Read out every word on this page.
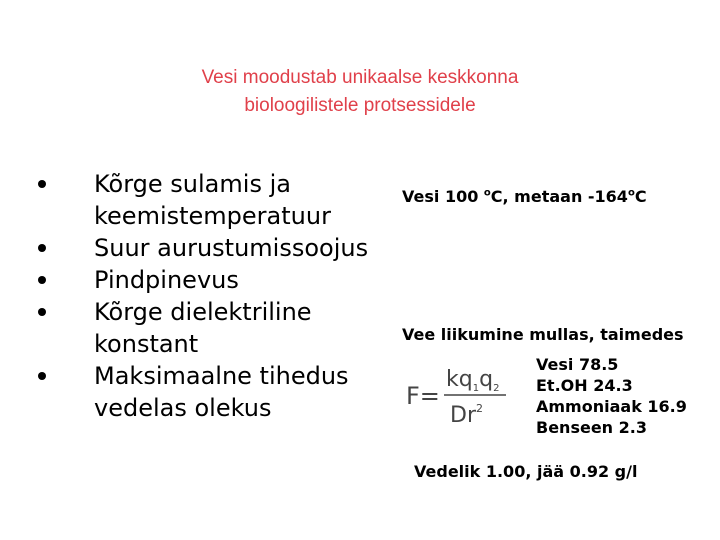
Vesi moodustab unikaalse keskkonna
bioloogilistele protsessidele
Kõrge sulamis ja keemistemperatuur
Suur aurustumissoojus
Pindpinevus
Kõrge dielektriline konstant
Maksimaalne tihedus vedelas olekus
Vesi 100 $^o$C, metaan -164$^o$C
Vee liikumine mullas, taimedes
F=
$kq_1q_2$
Dr$^2$
Vesi 78.5
Et.OH 24.3
Ammoniaak 16.9
Benseen 2.3
Vedelik 1.00, jää 0.92 g/l
